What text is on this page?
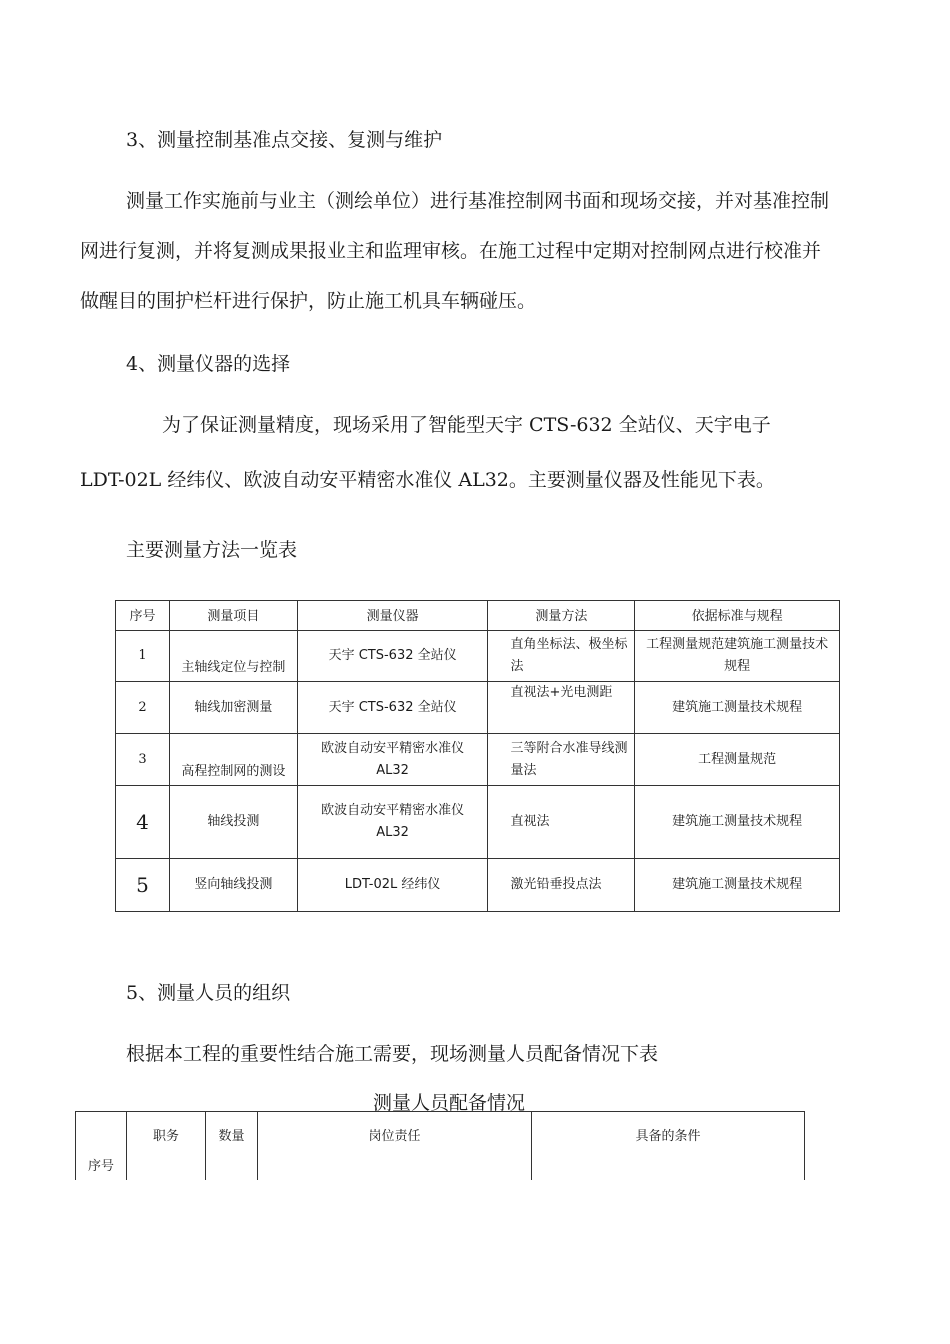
3、测量控制基准点交接、复测与维护
测量工作实施前与业主（测绘单位）进行基准控制网书面和现场交接，并对基准控制
网进行复测，并将复测成果报业主和监理审核。在施工过程中定期对控制网点进行校准并
做醒目的围护栏杆进行保护，防止施工机具车辆碰压。
4、测量仪器的选择
为了保证测量精度，现场采用了智能型天宇 CTS-632 全站仪、天宇电子
LDT-02L 经纬仪、欧波自动安平精密水准仪 AL32。主要测量仪器及性能见下表。
主要测量方法一览表
序号	测量项目	测量仪器	测量方法	依据标准与规程
1	主轴线定位与控制	天宇 CTS-632 全站仪	直角坐标法、极坐标法	工程测量规范建筑施工测量技术规程
2	轴线加密测量	天宇 CTS-632 全站仪	直视法+光电测距	建筑施工测量技术规程
3	高程控制网的测设	欧波自动安平精密水准仪 AL32	三等附合水准导线测量法	工程测量规范
4	轴线投测	欧波自动安平精密水准仪 AL32	直视法	建筑施工测量技术规程
5	竖向轴线投测	LDT-02L 经纬仪	激光铅垂投点法	建筑施工测量技术规程
5、测量人员的组织
根据本工程的重要性结合施工需要，现场测量人员配备情况下表
测量人员配备情况
序号	职务	数量	岗位责任	具备的条件
